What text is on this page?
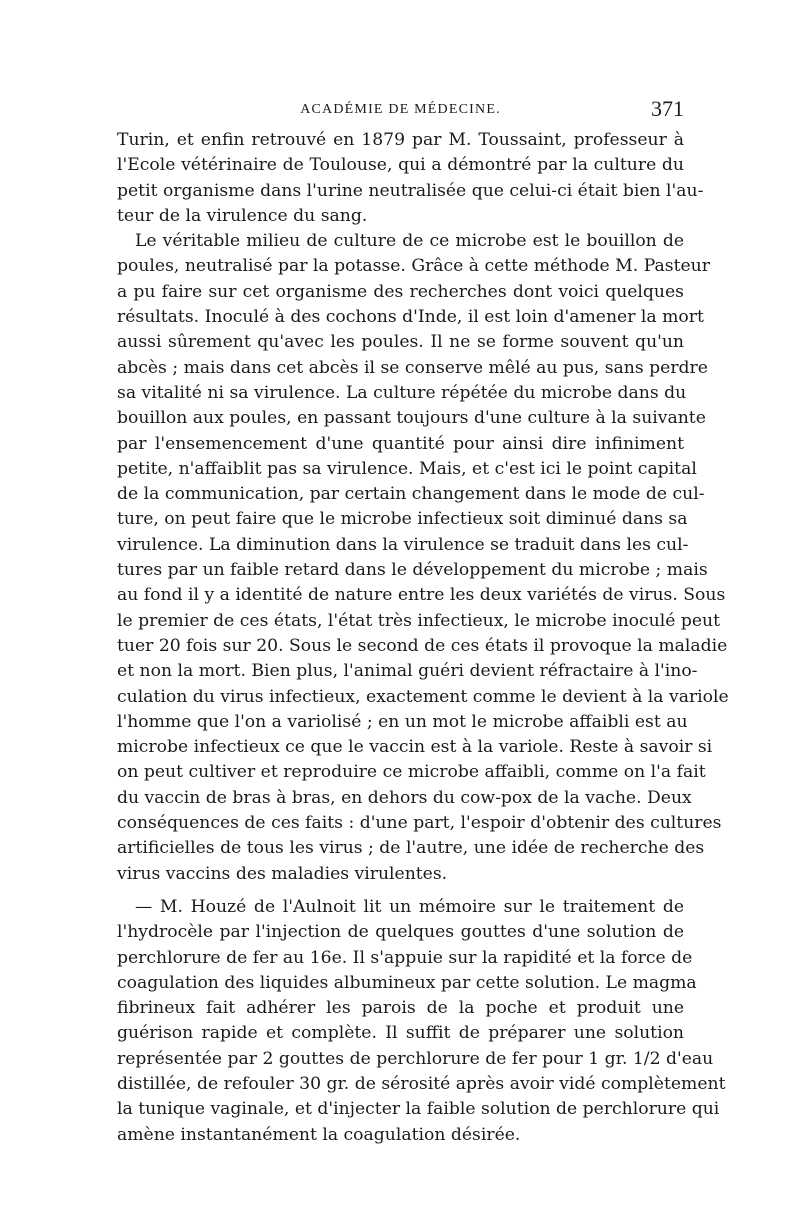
ACADÉMIE DE MÉDECINE.	371
Turin, et enfin retrouvé en 1879 par M. Toussaint, professeur à
l'Ecole vétérinaire de Toulouse, qui a démontré par la culture du
petit organisme dans l'urine neutralisée que celui-ci était bien l'au-
teur de la virulence du sang.
Le véritable milieu de culture de ce microbe est le bouillon de
poules, neutralisé par la potasse. Grâce à cette méthode M. Pasteur
a pu faire sur cet organisme des recherches dont voici quelques
résultats. Inoculé à des cochons d'Inde, il est loin d'amener la mort
aussi sûrement qu'avec les poules. Il ne se forme souvent qu'un
abcès ; mais dans cet abcès il se conserve mêlé au pus, sans perdre
sa vitalité ni sa virulence. La culture répétée du microbe dans du
bouillon aux poules, en passant toujours d'une culture à la suivante
par l'ensemencement d'une quantité pour ainsi dire infiniment
petite, n'affaiblit pas sa virulence. Mais, et c'est ici le point capital
de la communication, par certain changement dans le mode de cul-
ture, on peut faire que le microbe infectieux soit diminué dans sa
virulence. La diminution dans la virulence se traduit dans les cul-
tures par un faible retard dans le développement du microbe ; mais
au fond il y a identité de nature entre les deux variétés de virus. Sous
le premier de ces états, l'état très infectieux, le microbe inoculé peut
tuer 20 fois sur 20. Sous le second de ces états il provoque la maladie
et non la mort. Bien plus, l'animal guéri devient réfractaire à l'ino-
culation du virus infectieux, exactement comme le devient à la variole
l'homme que l'on a variolisé ; en un mot le microbe affaibli est au
microbe infectieux ce que le vaccin est à la variole. Reste à savoir si
on peut cultiver et reproduire ce microbe affaibli, comme on l'a fait
du vaccin de bras à bras, en dehors du cow-pox de la vache. Deux
conséquences de ces faits : d'une part, l'espoir d'obtenir des cultures
artificielles de tous les virus ; de l'autre, une idée de recherche des
virus vaccins des maladies virulentes.
— M. Houzé de l'Aulnoit lit un mémoire sur le traitement de
l'hydrocèle par l'injection de quelques gouttes d'une solution de
perchlorure de fer au 16e. Il s'appuie sur la rapidité et la force de
coagulation des liquides albumineux par cette solution. Le magma
fibrineux fait adhérer les parois de la poche et produit une
guérison rapide et complète. Il suffit de préparer une solution
représentée par 2 gouttes de perchlorure de fer pour 1 gr. 1/2 d'eau
distillée, de refouler 30 gr. de sérosité après avoir vidé complètement
la tunique vaginale, et d'injecter la faible solution de perchlorure qui
amène instantanément la coagulation désirée.
